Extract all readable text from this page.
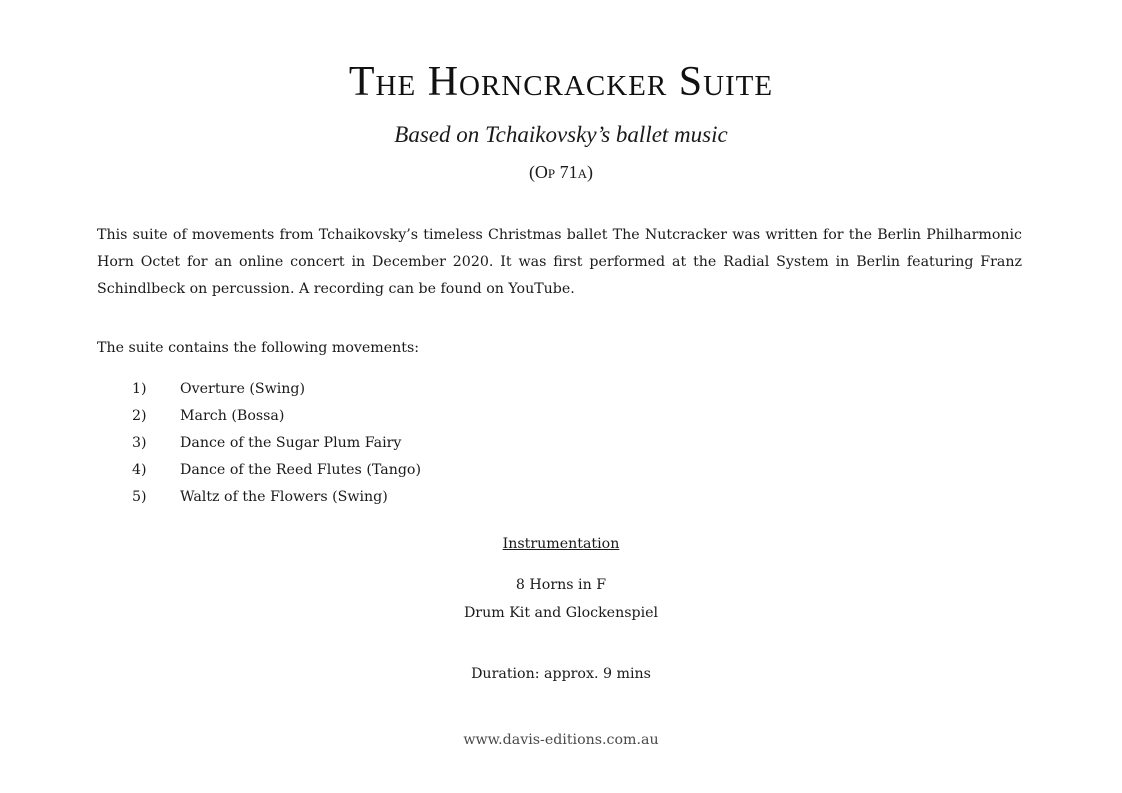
The Horncracker Suite

Based on Tchaikovsky’s ballet music

(Op 71a)

This suite of movements from Tchaikovsky’s timeless Christmas ballet The Nutcracker was written for the Berlin Philharmonic Horn Octet for an online concert in December 2020. It was first performed at the Radial System in Berlin featuring Franz Schindlbeck on percussion. A recording can be found on YouTube.

The suite contains the following movements:

1)	Overture (Swing)
2)	March (Bossa)
3)	Dance of the Sugar Plum Fairy
4)	Dance of the Reed Flutes (Tango)
5)	Waltz of the Flowers (Swing)

Instrumentation

8 Horns in F

Drum Kit and Glockenspiel

Duration: approx. 9 mins

www.davis-editions.com.au
